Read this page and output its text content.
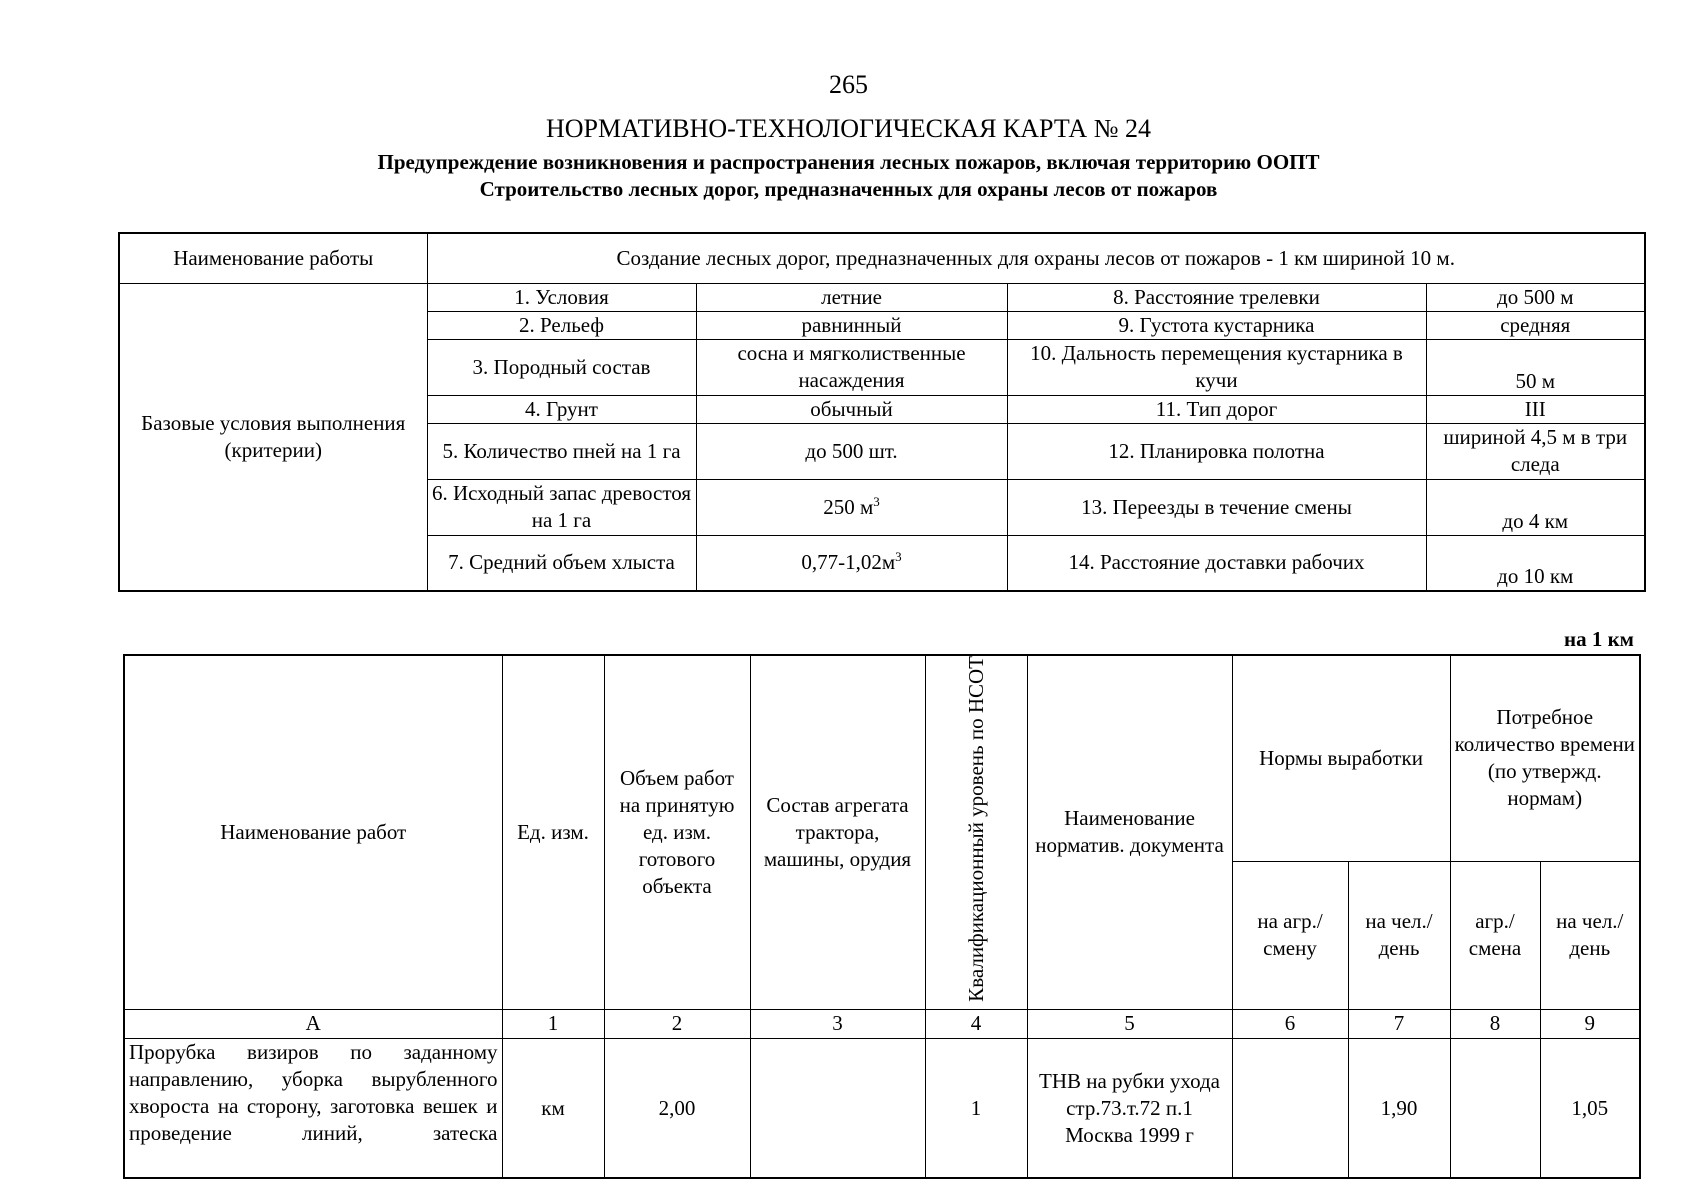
265
НОРМАТИВНО-ТЕХНОЛОГИЧЕСКАЯ КАРТА № 24
Предупреждение возникновения и распространения лесных пожаров, включая территорию ООПТ
Строительство лесных дорог, предназначенных для охраны лесов от пожаров
Наименование работы	Создание лесных дорог, предназначенных для охраны лесов от пожаров - 1 км шириной 10 м.			
Базовые условия выполнения (критерии)	1. Условия	летние	8. Расстояние трелевки	до 500 м
	2. Рельеф	равнинный	9. Густота кустарника	средняя
	3. Породный состав	сосна и мягколиственные насаждения	10. Дальность перемещения кустарника в кучи	50 м
	4. Грунт	обычный	11. Тип дорог	III
	5. Количество пней на 1 га	до 500 шт.	12. Планировка полотна	шириной 4,5 м в три следа
	6. Исходный запас древостоя на 1 га	250 $м^3$	13. Переезды в течение смены	до 4 км
	7. Средний объем хлыста	$0,77-1,02м^3$	14. Расстояние доставки рабочих	до 10 км
на 1 км
Наименование работ	Ед. изм.	Объем работ на принятую ед. изм. готового объекта	Состав агрегата трактора, машины, орудия	Квалификационный уровень по НСОТ	Наименование норматив. документа	Нормы выработки		Потребное количество времени (по утвержд. нормам)	
						на агр./ смену	на чел./ день	агр./ смена	на чел./ день
А	1	2	3	4	5	6	7	8	9
Прорубка визиров по заданному направлению, уборка вырубленного хвороста на сторону, заготовка вешек и проведение линий, затеска	км	2,00		1	ТНВ на рубки ухода стр.73.т.72 п.1 Москва 1999 г		1,90		1,05
